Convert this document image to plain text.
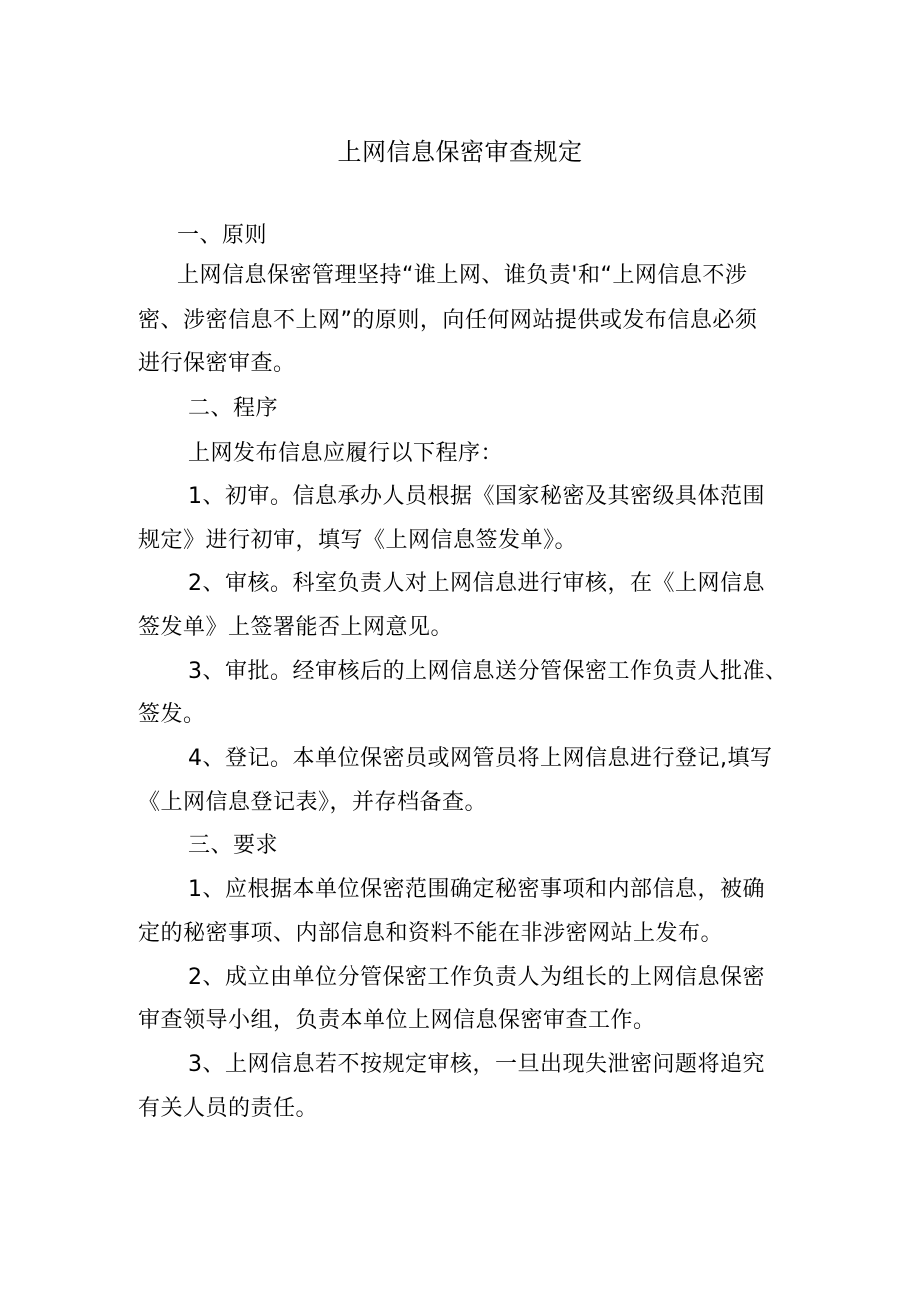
上网信息保密审查规定
一、原则
上网信息保密管理坚持“谁上网、谁负责'和“上网信息不涉
密、涉密信息不上网”的原则，向任何网站提供或发布信息必须
进行保密审查。
二、程序
上网发布信息应履行以下程序：
1、初审。信息承办人员根据《国家秘密及其密级具体范围
规定》进行初审，填写《上网信息签发单》。
2、审核。科室负责人对上网信息进行审核，在《上网信息
签发单》上签署能否上网意见。
3、审批。经审核后的上网信息送分管保密工作负责人批准、
签发。
4、登记。本单位保密员或网管员将上网信息进行登记,填写
《上网信息登记表》，并存档备查。
三、要求
1、应根据本单位保密范围确定秘密事项和内部信息，被确
定的秘密事项、内部信息和资料不能在非涉密网站上发布。
2、成立由单位分管保密工作负责人为组长的上网信息保密
审查领导小组，负责本单位上网信息保密审查工作。
3、上网信息若不按规定审核，一旦出现失泄密问题将追究
有关人员的责任。
